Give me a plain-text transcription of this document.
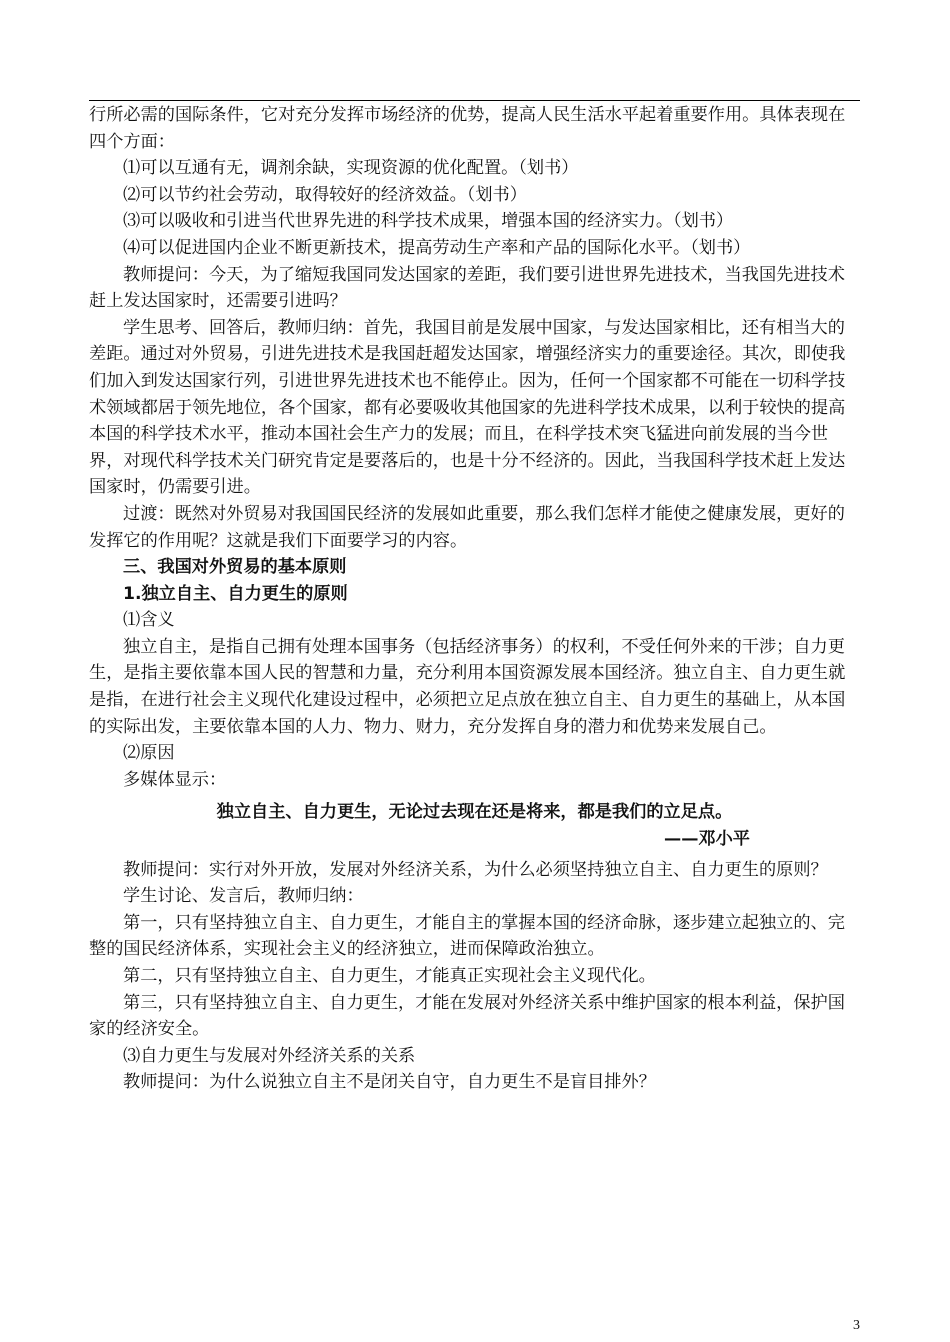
行所必需的国际条件，它对充分发挥市场经济的优势，提高人民生活水平起着重要作用。具体表现在四个方面：

⑴可以互通有无，调剂余缺，实现资源的优化配置。（划书）

⑵可以节约社会劳动，取得较好的经济效益。（划书）

⑶可以吸收和引进当代世界先进的科学技术成果，增强本国的经济实力。（划书）

⑷可以促进国内企业不断更新技术，提高劳动生产率和产品的国际化水平。（划书）

教师提问：今天，为了缩短我国同发达国家的差距，我们要引进世界先进技术，当我国先进技术赶上发达国家时，还需要引进吗？

学生思考、回答后，教师归纳：首先，我国目前是发展中国家，与发达国家相比，还有相当大的差距。通过对外贸易，引进先进技术是我国赶超发达国家，增强经济实力的重要途径。其次，即使我们加入到发达国家行列，引进世界先进技术也不能停止。因为，任何一个国家都不可能在一切科学技术领域都居于领先地位，各个国家，都有必要吸收其他国家的先进科学技术成果，以利于较快的提高本国的科学技术水平，推动本国社会生产力的发展；而且，在科学技术突飞猛进向前发展的当今世界，对现代科学技术关门研究肯定是要落后的，也是十分不经济的。因此，当我国科学技术赶上发达国家时，仍需要引进。

过渡：既然对外贸易对我国国民经济的发展如此重要，那么我们怎样才能使之健康发展，更好的发挥它的作用呢？这就是我们下面要学习的内容。

三、我国对外贸易的基本原则

1.独立自主、自力更生的原则

⑴含义

独立自主，是指自己拥有处理本国事务（包括经济事务）的权利，不受任何外来的干涉；自力更生，是指主要依靠本国人民的智慧和力量，充分利用本国资源发展本国经济。独立自主、自力更生就是指，在进行社会主义现代化建设过程中，必须把立足点放在独立自主、自力更生的基础上，从本国的实际出发，主要依靠本国的人力、物力、财力，充分发挥自身的潜力和优势来发展自己。

⑵原因

多媒体显示：

独立自主、自力更生，无论过去现在还是将来，都是我们的立足点。

——邓小平

教师提问：实行对外开放，发展对外经济关系，为什么必须坚持独立自主、自力更生的原则？

学生讨论、发言后，教师归纳：

第一，只有坚持独立自主、自力更生，才能自主的掌握本国的经济命脉，逐步建立起独立的、完整的国民经济体系，实现社会主义的经济独立，进而保障政治独立。

第二，只有坚持独立自主、自力更生，才能真正实现社会主义现代化。

第三，只有坚持独立自主、自力更生，才能在发展对外经济关系中维护国家的根本利益，保护国家的经济安全。

⑶自力更生与发展对外经济关系的关系

教师提问：为什么说独立自主不是闭关自守，自力更生不是盲目排外？

3
